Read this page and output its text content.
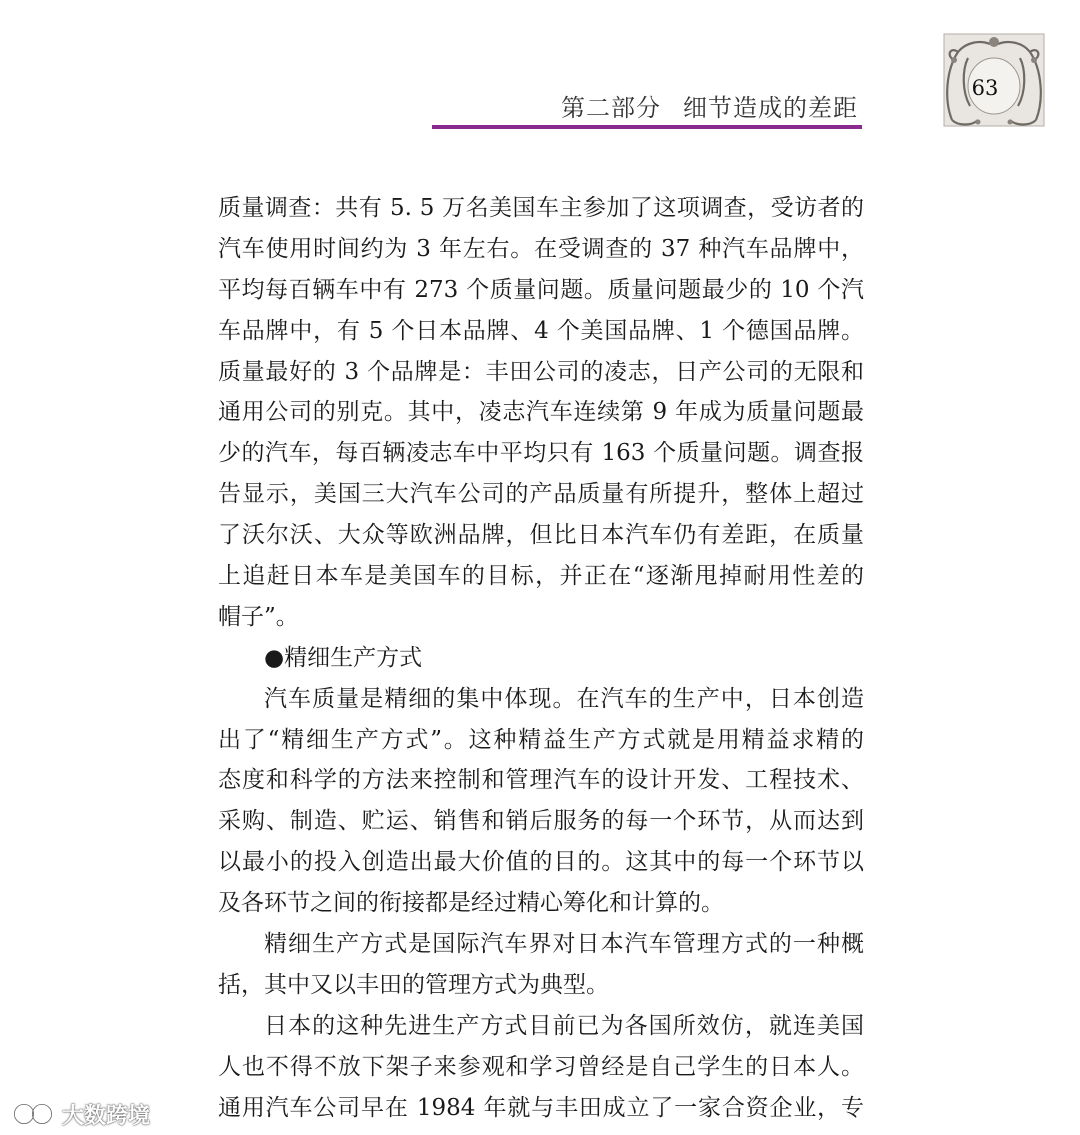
第二部分 细节造成的差距
63
质量调查：共有 5. 5 万名美国车主参加了这项调查，受访者的
汽车使用时间约为 3 年左右。在受调查的 37 种汽车品牌中，
平均每百辆车中有 273 个质量问题。质量问题最少的 10 个汽
车品牌中，有 5 个日本品牌、4 个美国品牌、1 个德国品牌。
质量最好的 3 个品牌是：丰田公司的凌志，日产公司的无限和
通用公司的别克。其中，凌志汽车连续第 9 年成为质量问题最
少的汽车，每百辆凌志车中平均只有 163 个质量问题。调查报
告显示，美国三大汽车公司的产品质量有所提升，整体上超过
了沃尔沃、大众等欧洲品牌，但比日本汽车仍有差距，在质量
上追赶日本车是美国车的目标，并正在“逐渐甩掉耐用性差的
帽子”。
●精细生产方式
汽车质量是精细的集中体现。在汽车的生产中，日本创造
出了“精细生产方式”。这种精益生产方式就是用精益求精的
态度和科学的方法来控制和管理汽车的设计开发、工程技术、
采购、制造、贮运、销售和销后服务的每一个环节，从而达到
以最小的投入创造出最大价值的目的。这其中的每一个环节以
及各环节之间的衔接都是经过精心筹化和计算的。
精细生产方式是国际汽车界对日本汽车管理方式的一种概
括，其中又以丰田的管理方式为典型。
日本的这种先进生产方式目前已为各国所效仿，就连美国
人也不得不放下架子来参观和学习曾经是自己学生的日本人。
通用汽车公司早在 1984 年就与丰田成立了一家合资企业，专
大数跨境
